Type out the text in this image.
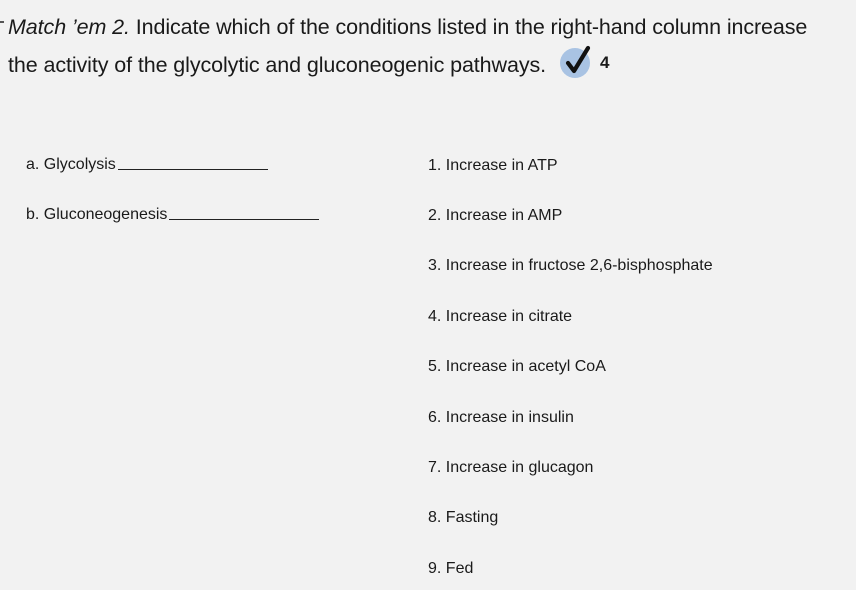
Match ’em 2. Indicate which of the conditions listed in the right-hand column increase
the activity of the glycolytic and gluconeogenic pathways.	4
a. Glycolysis
b. Gluconeogenesis
1. Increase in ATP
2. Increase in AMP
3. Increase in fructose 2,6-bisphosphate
4. Increase in citrate
5. Increase in acetyl CoA
6. Increase in insulin
7. Increase in glucagon
8. Fasting
9. Fed
